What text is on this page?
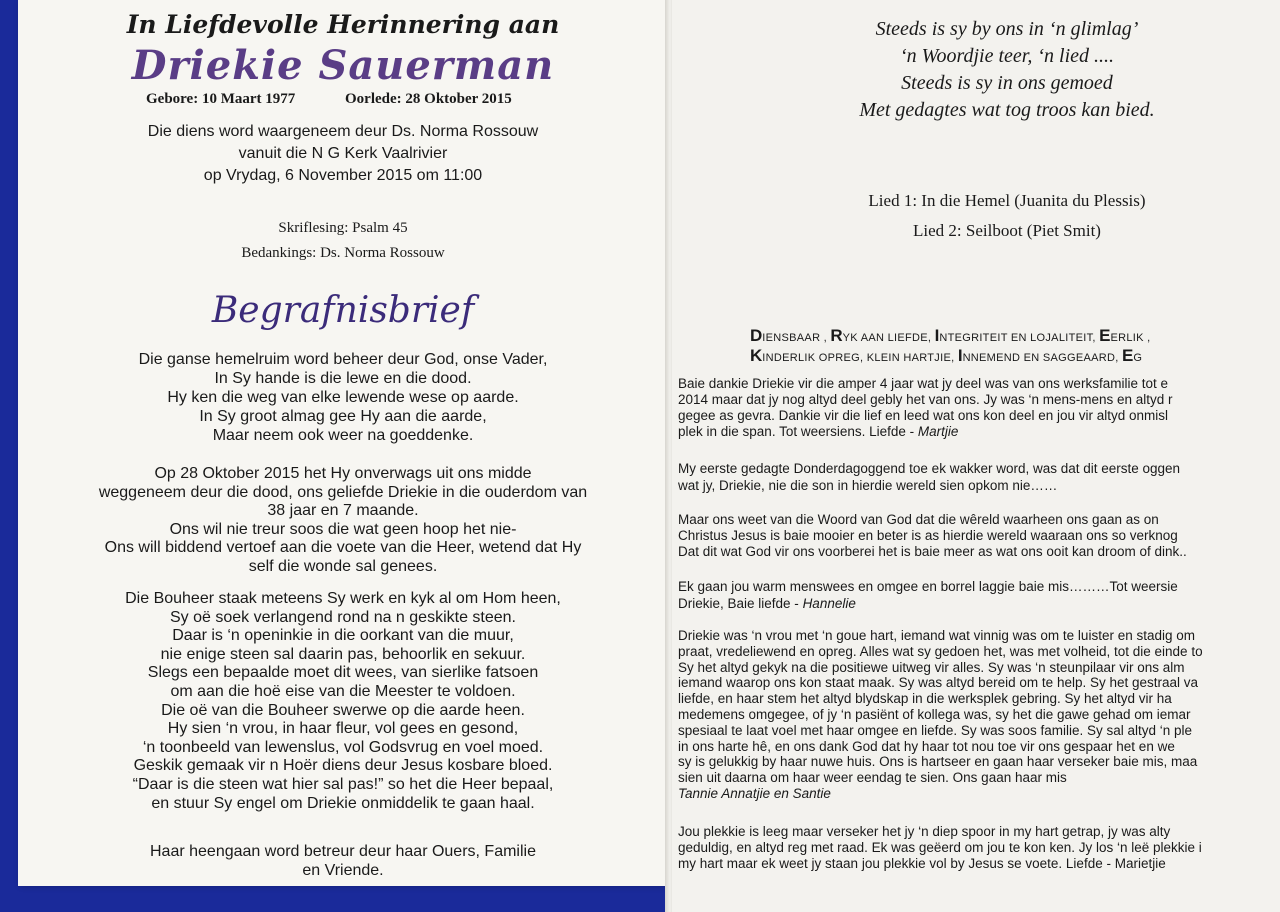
In Liefdevolle Herinnering aan
Driekie Sauerman
Gebore: 10 Maart 1977	Oorlede: 28 Oktober 2015
Die diens word waargeneem deur Ds. Norma Rossouw
vanuit die N G Kerk Vaalrivier
op Vrydag, 6 November 2015 om 11:00
Skriflesing: Psalm 45
Bedankings: Ds. Norma Rossouw
Begrafnisbrief
Die ganse hemelruim word beheer deur God, onse Vader,
In Sy hande is die lewe en die dood.
Hy ken die weg van elke lewende wese op aarde.
In Sy groot almag gee Hy aan die aarde,
Maar neem ook weer na goeddenke.
Op 28 Oktober 2015 het Hy onverwags uit ons midde
weggeneem deur die dood, ons geliefde Driekie in die ouderdom van
38 jaar en 7 maande.
Ons wil nie treur soos die wat geen hoop het nie-
Ons will biddend vertoef aan die voete van die Heer, wetend dat Hy
self die wonde sal genees.
Die Bouheer staak meteens Sy werk en kyk al om Hom heen,
Sy oë soek verlangend rond na n geskikte steen.
Daar is ‘n openinkie in die oorkant van die muur,
nie enige steen sal daarin pas, behoorlik en sekuur.
Slegs een bepaalde moet dit wees, van sierlike fatsoen
om aan die hoë eise van die Meester te voldoen.
Die oë van die Bouheer swerwe op die aarde heen.
Hy sien ‘n vrou, in haar fleur, vol gees en gesond,
‘n toonbeeld van lewenslus, vol Godsvrug en voel moed.
Geskik gemaak vir n Hoër diens deur Jesus kosbare bloed.
“Daar is die steen wat hier sal pas!” so het die Heer bepaal,
en stuur Sy engel om Driekie onmiddelik te gaan haal.
Haar heengaan word betreur deur haar Ouers, Familie
en Vriende.
Steeds is sy by ons in ‘n glimlag’
‘n Woordjie teer, ‘n lied ....
Steeds is sy in ons gemoed
Met gedagtes wat tog troos kan bied.
Lied 1: In die Hemel (Juanita du Plessis)
Lied 2: Seilboot (Piet Smit)
DIENSBAAR , RYK AAN LIEFDE, INTEGRITEIT EN LOJALITEIT, EERLIK ,
KINDERLIK OPREG, KLEIN HARTJIE, INNEMEND EN SAGGEAARD, EG
Baie dankie Driekie vir die amper 4 jaar wat jy deel was van ons werksfamilie tot e
2014 maar dat jy nog altyd deel gebly het van ons. Jy was ‘n mens-mens en altyd r
gegee as gevra. Dankie vir die lief en leed wat ons kon deel en jou vir altyd onmisl
plek in die span. Tot weersiens. Liefde - Martjie
My eerste gedagte Donderdagoggend toe ek wakker word, was dat dit eerste oggen
wat jy, Driekie, nie die son in hierdie wereld sien opkom nie……
Maar ons weet van die Woord van God dat die wêreld waarheen ons gaan as on
Christus Jesus is baie mooier en beter is as hierdie wereld waaraan ons so verknog
Dat dit wat God vir ons voorberei het is baie meer as wat ons ooit kan droom of dink..
Ek gaan jou warm menswees en omgee en borrel laggie baie mis………Tot weersie
Driekie, Baie liefde - Hannelie
Driekie was ‘n vrou met ‘n goue hart, iemand wat vinnig was om te luister en stadig om
praat, vredeliewend en opreg. Alles wat sy gedoen het, was met volheid, tot die einde to
Sy het altyd gekyk na die positiewe uitweg vir alles. Sy was ‘n steunpilaar vir ons alm
iemand waarop ons kon staat maak. Sy was altyd bereid om te help. Sy het gestraal va
liefde, en haar stem het altyd blydskap in die werksplek gebring. Sy het altyd vir ha
medemens omgegee, of jy ‘n pasiënt of kollega was, sy het die gawe gehad om iemar
spesiaal te laat voel met haar omgee en liefde. Sy was soos familie. Sy sal altyd ‘n ple
in ons harte hê, en ons dank God dat hy haar tot nou toe vir ons gespaar het en we
sy is gelukkig by haar nuwe huis. Ons is hartseer en gaan haar verseker baie mis, maa
sien uit daarna om haar weer eendag te sien. Ons gaan haar mis
Tannie Annatjie en Santie
Jou plekkie is leeg maar verseker het jy ‘n diep spoor in my hart getrap, jy was alty
geduldig, en altyd reg met raad. Ek was geëerd om jou te kon ken. Jy los ‘n leë plekkie i
my hart maar ek weet jy staan jou plekkie vol by Jesus se voete. Liefde - Marietjie
